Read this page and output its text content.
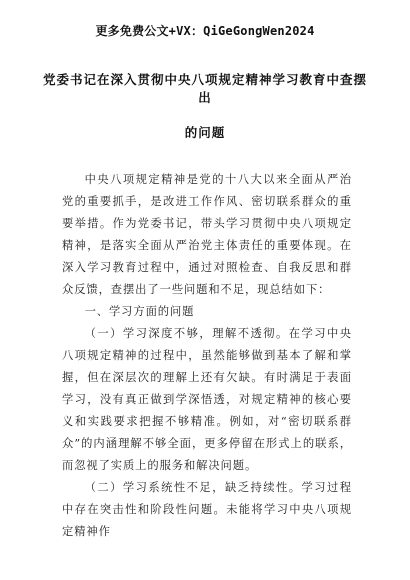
更多免费公文+VX：QiGeGongWen2024
党委书记在深入贯彻中央八项规定精神学习教育中查摆出
的问题

中央八项规定精神是党的十八大以来全面从严治党的重要抓手，是改进工作作风、密切联系群众的重要举措。作为党委书记，带头学习贯彻中央八项规定精神，是落实全面从严治党主体责任的重要体现。在深入学习教育过程中，通过对照检查、自我反思和群众反馈，查摆出了一些问题和不足，现总结如下：

一、学习方面的问题

（一）学习深度不够，理解不透彻。在学习中央八项规定精神的过程中，虽然能够做到基本了解和掌握，但在深层次的理解上还有欠缺。有时满足于表面学习，没有真正做到学深悟透，对规定精神的核心要义和实践要求把握不够精准。例如，对“密切联系群众”的内涵理解不够全面，更多停留在形式上的联系，而忽视了实质上的服务和解决问题。

（二）学习系统性不足，缺乏持续性。学习过程中存在突击性和阶段性问题。未能将学习中央八项规定精神作
